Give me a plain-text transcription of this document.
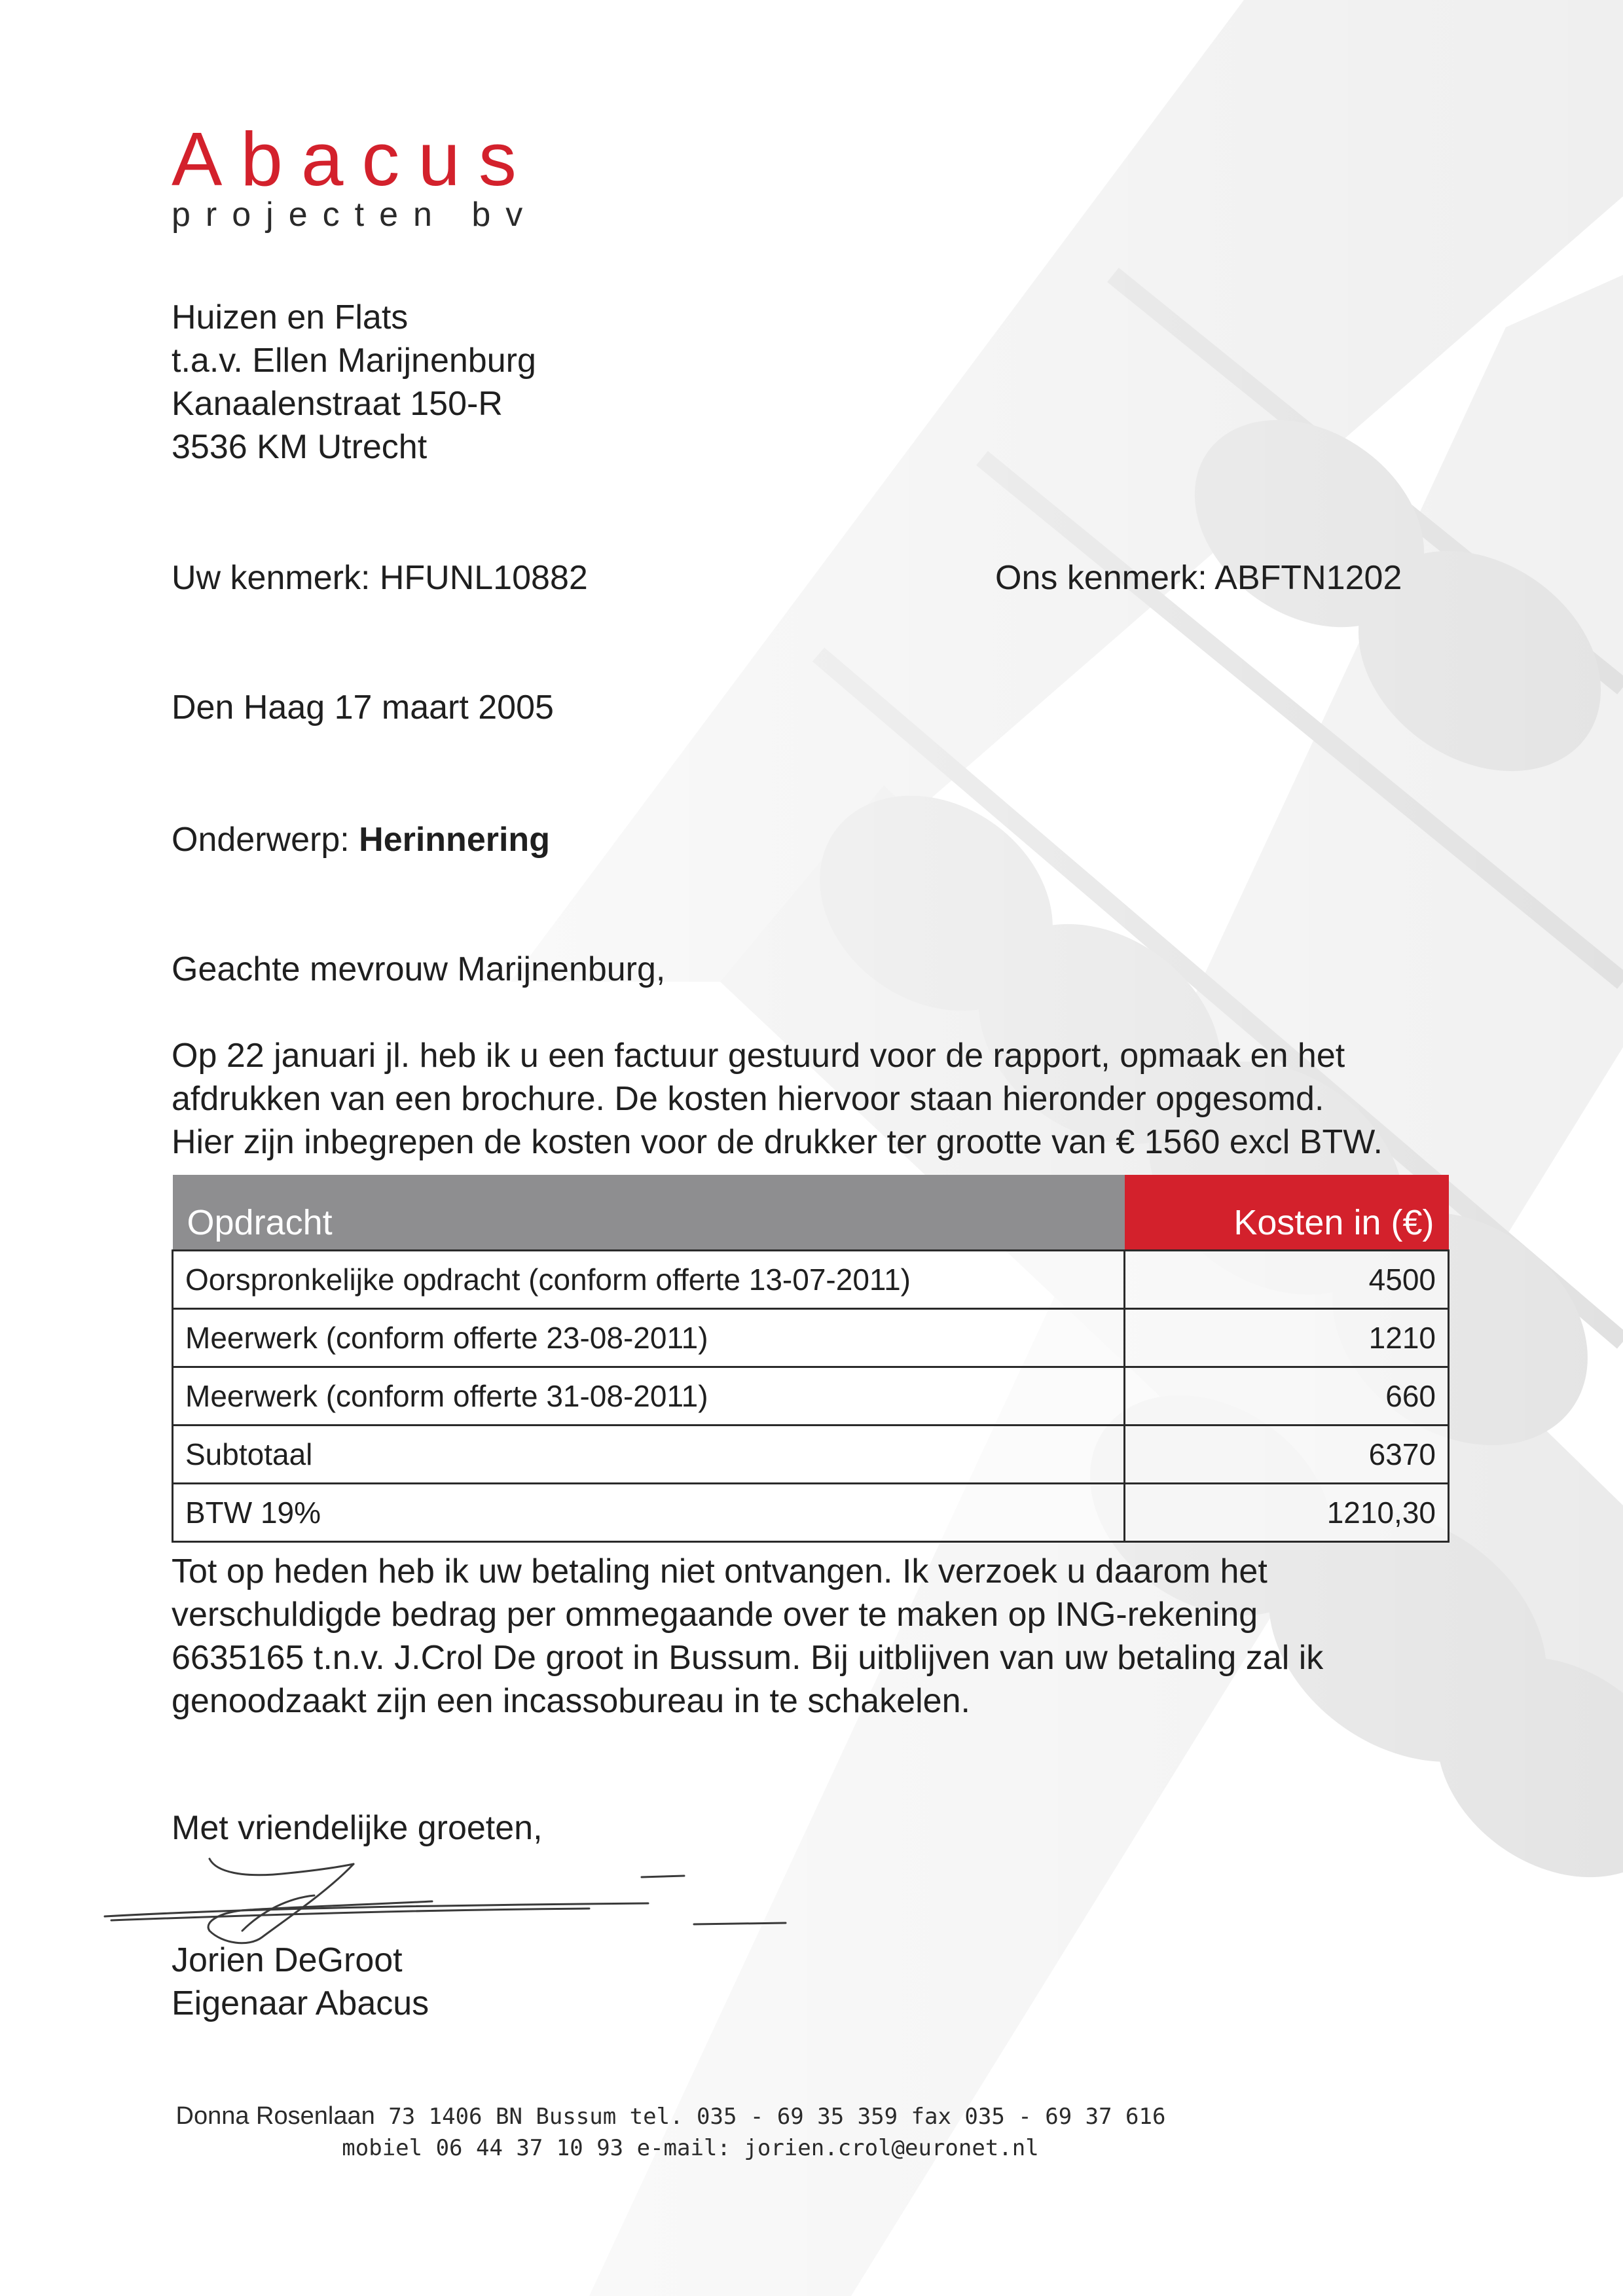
Abacus
projecten bv
Huizen en Flats
t.a.v. Ellen Marijnenburg
Kanaalenstraat 150-R
3536 KM Utrecht
Uw kenmerk: HFUNL10882	Ons kenmerk: ABFTN1202
Den Haag 17 maart 2005
Onderwerp: Herinnering
Geachte mevrouw Marijnenburg,
Op 22 januari jl. heb ik u een factuur gestuurd voor de rapport, opmaak en het
afdrukken van een brochure. De kosten hiervoor staan hieronder opgesomd.
Hier zijn inbegrepen de kosten voor de drukker ter grootte van € 1560 excl BTW.
Opdracht	Kosten in (€)
Oorspronkelijke opdracht (conform offerte 13-07-2011)	4500
Meerwerk (conform offerte 23-08-2011)	1210
Meerwerk (conform offerte 31-08-2011)	660
Subtotaal	6370
BTW 19%	1210,30
Tot op heden heb ik uw betaling niet ontvangen. Ik verzoek u daarom het
verschuldigde bedrag per ommegaande over te maken op ING-rekening
6635165 t.n.v. J.Crol De groot in Bussum. Bij uitblijven van uw betaling zal ik
genoodzaakt zijn een incassobureau in te schakelen.
Met vriendelijke groeten,
Jorien DeGroot
Eigenaar Abacus
Donna Rosenlaan 73 1406 BN Bussum tel. 035 - 69 35 359 fax 035 - 69 37 616
mobiel 06 44 37 10 93 e-mail: jorien.crol@euronet.nl
